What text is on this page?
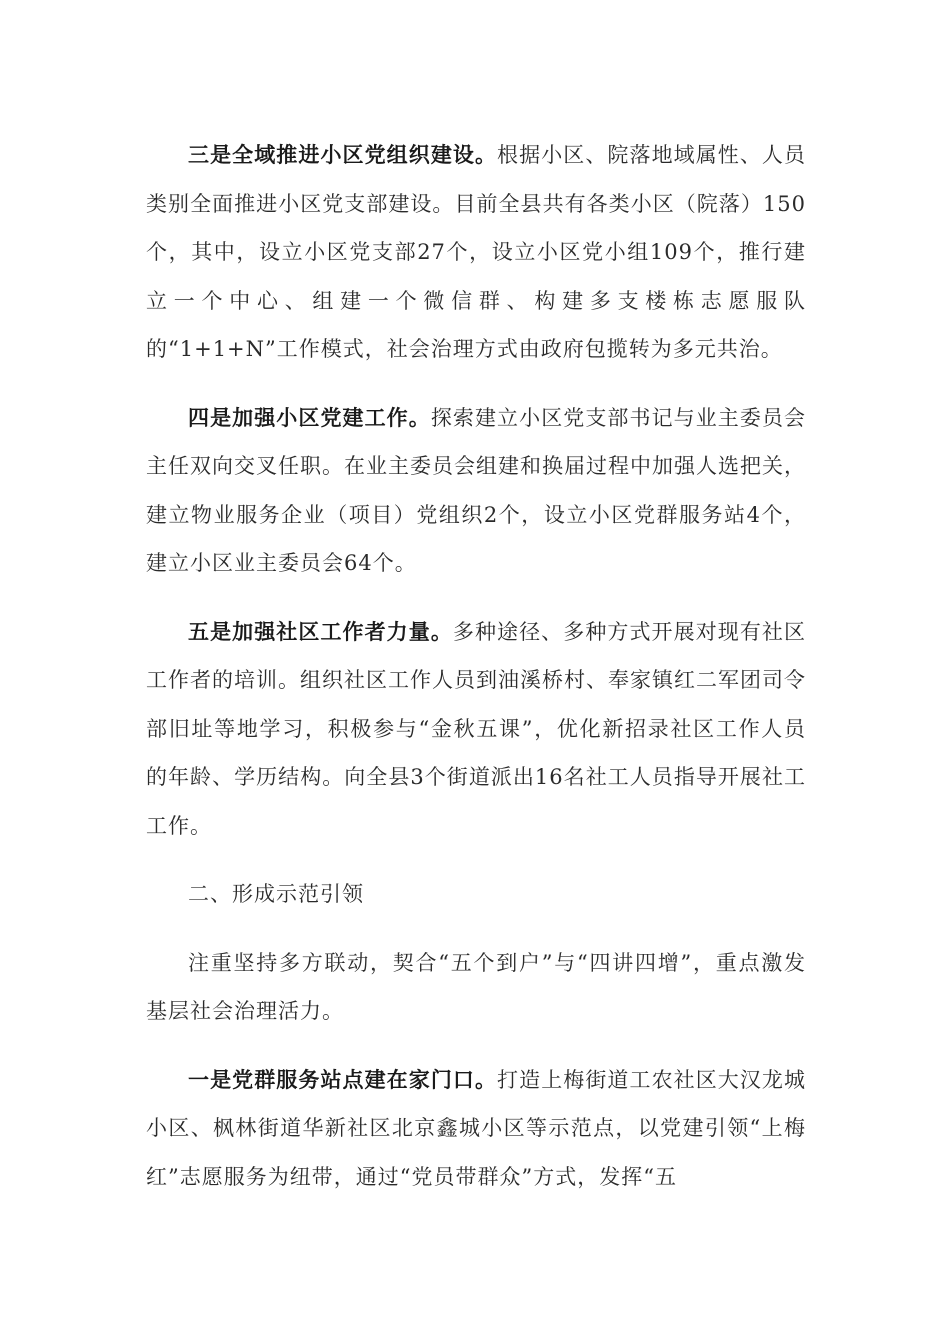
三是全域推进小区党组织建设。根据小区、院落地域属性、人员类别全面推进小区党支部建设。目前全县共有各类小区（院落）150个，其中，设立小区党支部27个，设立小区党小组109个，推行建立一个中心、组建一个微信群、构建多支楼栋志愿服队的“1+1+N”工作模式，社会治理方式由政府包揽转为多元共治。

四是加强小区党建工作。探索建立小区党支部书记与业主委员会主任双向交叉任职。在业主委员会组建和换届过程中加强人选把关，建立物业服务企业（项目）党组织2个，设立小区党群服务站4个，建立小区业主委员会64个。

五是加强社区工作者力量。多种途径、多种方式开展对现有社区工作者的培训。组织社区工作人员到油溪桥村、奉家镇红二军团司令部旧址等地学习，积极参与“金秋五课”，优化新招录社区工作人员的年龄、学历结构。向全县3个街道派出16名社工人员指导开展社工工作。

二、形成示范引领

注重坚持多方联动，契合“五个到户”与“四讲四增”，重点激发基层社会治理活力。

一是党群服务站点建在家门口。打造上梅街道工农社区大汉龙城小区、枫林街道华新社区北京鑫城小区等示范点，以党建引领“上梅红”志愿服务为纽带，通过“党员带群众”方式，发挥“五
